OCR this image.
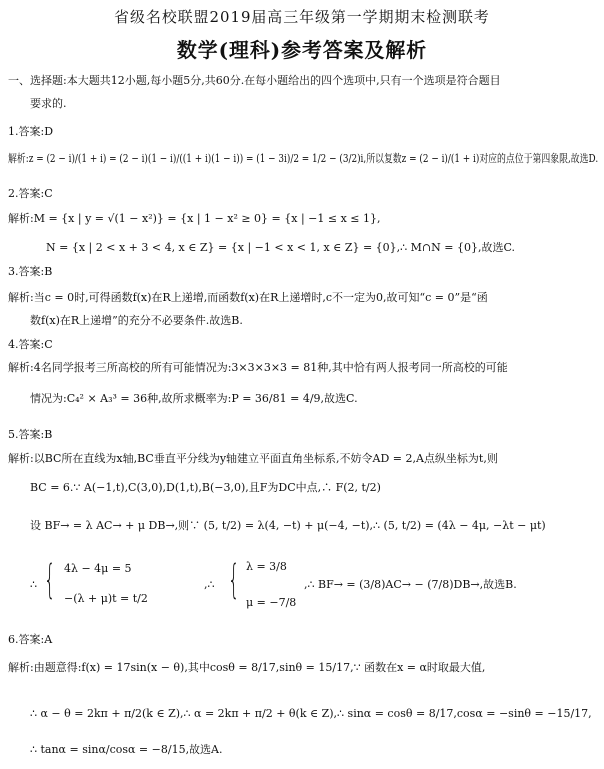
省级名校联盟2019届高三年级第一学期期末检测联考
数学(理科)参考答案及解析
一、选择题:本大题共12小题,每小题5分,共60分.在每小题给出的四个选项中,只有一个选项是符合题目
要求的.
1.答案:D
解析:z = (2 − i)/(1 + i) = (2 − i)(1 − i)/((1 + i)(1 − i)) = (1 − 3i)/2 = 1/2 − (3/2)i,所以复数z = (2 − i)/(1 + i)对应的点位于第四象限,故选D.
2.答案:C
解析:M = {x | y = √(1 − x²)} = {x | 1 − x² ≥ 0} = {x | −1 ≤ x ≤ 1},
N = {x | 2 < x + 3 < 4, x ∈ Z} = {x | −1 < x < 1, x ∈ Z} = {0},∴ M∩N = {0},故选C.
3.答案:B
解析:当c = 0时,可得函数f(x)在R上递增,而函数f(x)在R上递增时,c不一定为0,故可知“c = 0”是“函
数f(x)在R上递增”的充分不必要条件.故选B.
4.答案:C
解析:4名同学报考三所高校的所有可能情况为:3×3×3×3 = 81种,其中恰有两人报考同一所高校的可能
情况为:C₄² × A₃³ = 36种,故所求概率为:P = 36/81 = 4/9,故选C.
5.答案:B
解析:以BC所在直线为x轴,BC垂直平分线为y轴建立平面直角坐标系,不妨令AD = 2,A点纵坐标为t,则
BC = 6.∵ A(−1,t),C(3,0),D(1,t),B(−3,0),且F为DC中点,∴ F(2, t/2)
设 BF→ = λ AC→ + μ DB→,则∵ (5, t/2) = λ(4, −t) + μ(−4, −t),∴ (5, t/2) = (4λ − 4μ, −λt − μt)
∴ { 4λ − 4μ = 5
−(λ + μ)t = t/2
,∴ { λ = 3/8
μ = −7/8
,∴ BF→ = (3/8)AC→ − (7/8)DB→,故选B.
6.答案:A
解析:由题意得:f(x) = 17sin(x − θ),其中cosθ = 8/17,sinθ = 15/17,∵ 函数在x = α时取最大值,
∴ α − θ = 2kπ + π/2(k ∈ Z),∴ α = 2kπ + π/2 + θ(k ∈ Z),∴ sinα = cosθ = 8/17,cosα = −sinθ = −15/17,
∴ tanα = sinα/cosα = −8/15,故选A.
